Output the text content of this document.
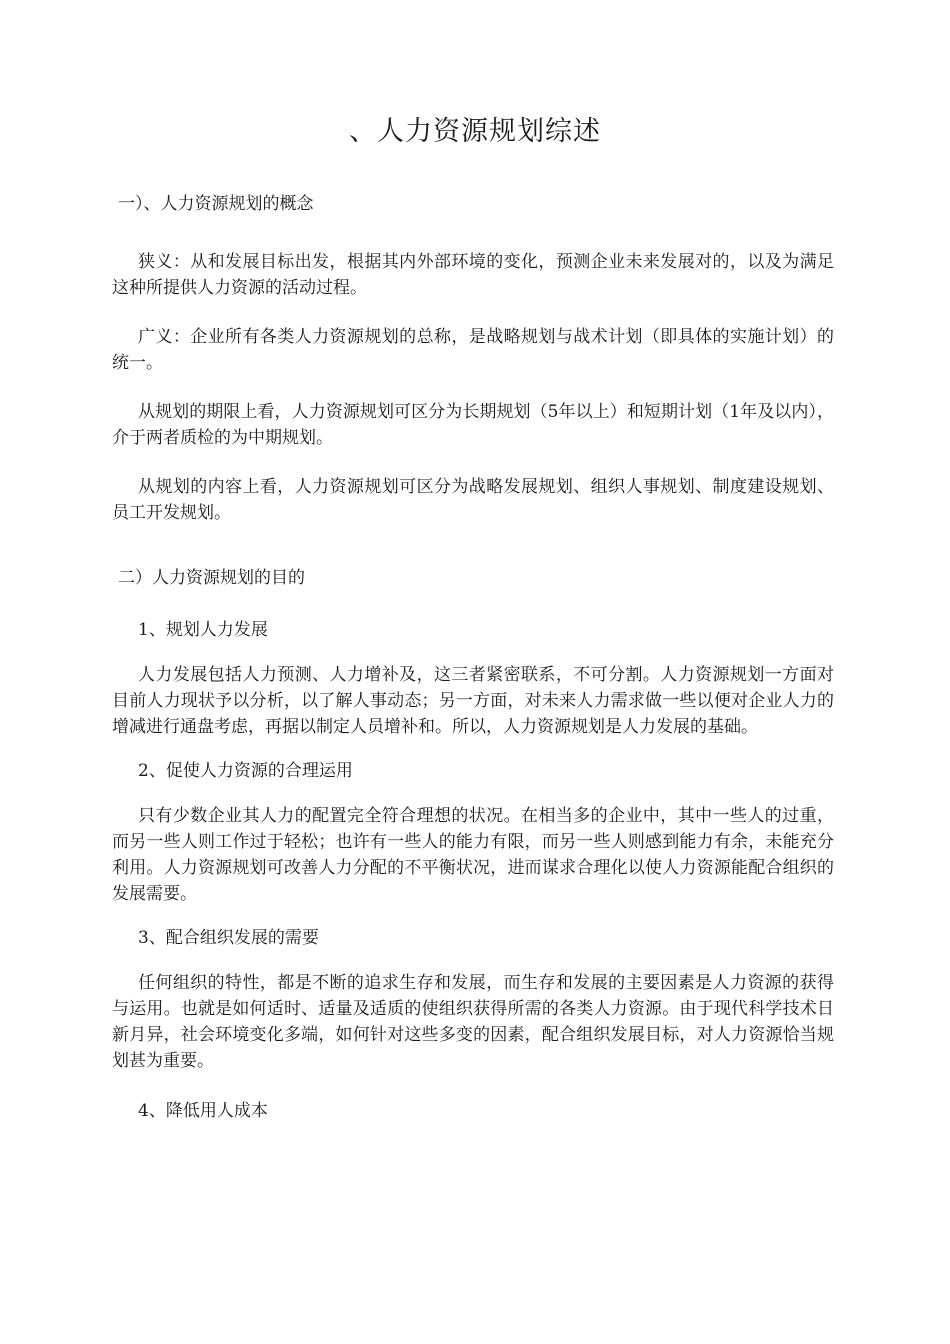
、人力资源规划综述

一）、人力资源规划的概念

狭义：从和发展目标出发，根据其内外部环境的变化，预测企业未来发展对的，以及为满足这种所提供人力资源的活动过程。

广义：企业所有各类人力资源规划的总称，是战略规划与战术计划（即具体的实施计划）的统一。

从规划的期限上看，人力资源规划可区分为长期规划（5年以上）和短期计划（1年及以内），介于两者质检的为中期规划。

从规划的内容上看，人力资源规划可区分为战略发展规划、组织人事规划、制度建设规划、员工开发规划。

二）人力资源规划的目的

1、规划人力发展

人力发展包括人力预测、人力增补及，这三者紧密联系，不可分割。人力资源规划一方面对目前人力现状予以分析，以了解人事动态；另一方面，对未来人力需求做一些以便对企业人力的增减进行通盘考虑，再据以制定人员增补和。所以，人力资源规划是人力发展的基础。

2、促使人力资源的合理运用

只有少数企业其人力的配置完全符合理想的状况。在相当多的企业中，其中一些人的过重，而另一些人则工作过于轻松；也许有一些人的能力有限，而另一些人则感到能力有余，未能充分利用。人力资源规划可改善人力分配的不平衡状况，进而谋求合理化以使人力资源能配合组织的发展需要。

3、配合组织发展的需要

任何组织的特性，都是不断的追求生存和发展，而生存和发展的主要因素是人力资源的获得与运用。也就是如何适时、适量及适质的使组织获得所需的各类人力资源。由于现代科学技术日新月异，社会环境变化多端，如何针对这些多变的因素，配合组织发展目标，对人力资源恰当规划甚为重要。

4、降低用人成本
